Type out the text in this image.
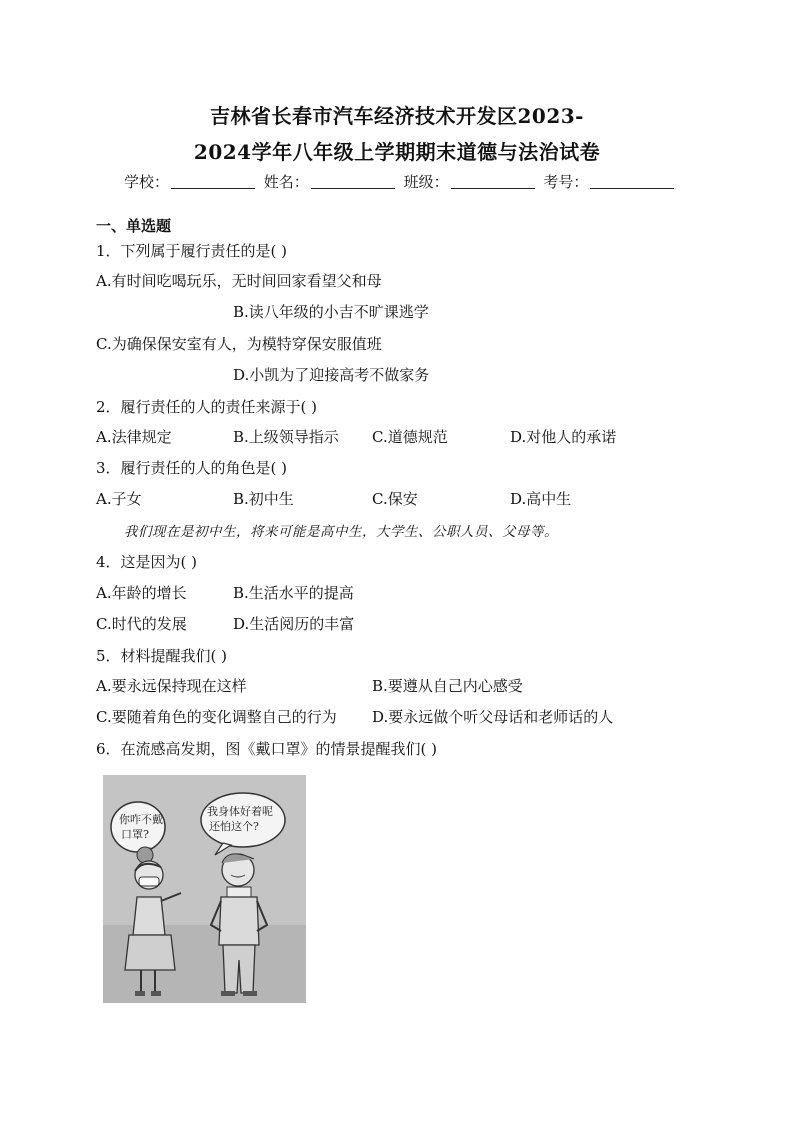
吉林省长春市汽车经济技术开发区2023-
2024学年八年级上学期期末道德与法治试卷
学校：	姓名：	班级：	考号：
一、单选题
1．下列属于履行责任的是( )
A.有时间吃喝玩乐，无时间回家看望父和母
B.读八年级的小吉不旷课逃学
C.为确保保安室有人，为模特穿保安服值班
D.小凯为了迎接高考不做家务
2．履行责任的人的责任来源于( )
A.法律规定	B.上级领导指示 C.道德规范	D.对他人的承诺
3．履行责任的人的角色是( )
A.子女	B.初中生	C.保安	D.高中生
我们现在是初中生，将来可能是高中生，大学生、公职人员、父母等。
4．这是因为( )
A.年龄的增长	B.生活水平的提高
C.时代的发展	D.生活阅历的丰富
5．材料提醒我们( )
A.要永远保持现在这样	B.要遵从自己内心感受
C.要随着角色的变化调整自己的行为 D.要永远做个听父母话和老师话的人
6．在流感高发期，图《戴口罩》的情景提醒我们( )
你咋不戴
口罩?
我身体好着呢
还怕这个?
